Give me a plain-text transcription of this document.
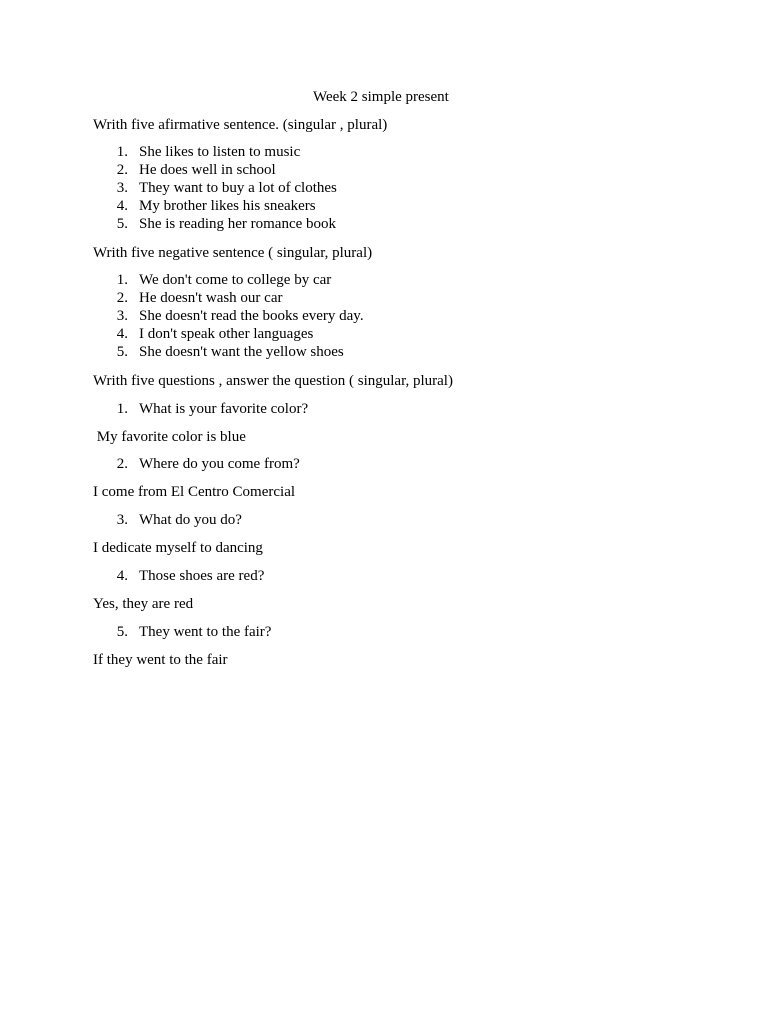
Week 2 simple present
Writh five afirmative sentence. (singular , plural)
1. She likes to listen to music
2. He does well in school
3. They want to buy a lot of clothes
4. My brother likes his sneakers
5. She is reading her romance book
Writh five negative sentence ( singular, plural)
1. We don't come to college by car
2. He doesn't wash our car
3. She doesn't read the books every day.
4. I don't speak other languages
5. She doesn't want the yellow shoes
Writh five questions , answer the question ( singular, plural)
1. What is your favorite color?
My favorite color is blue
2. Where do you come from?
I come from El Centro Comercial
3. What do you do?
I dedicate myself to dancing
4. Those shoes are red?
Yes, they are red
5. They went to the fair?
If they went to the fair
